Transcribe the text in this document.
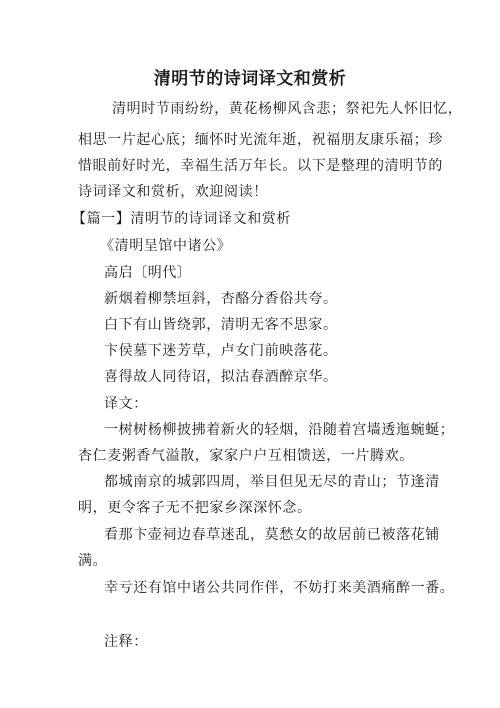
清明节的诗词译文和赏析
清明时节雨纷纷，黄花杨柳风含悲；祭祀先人怀旧忆，
相思一片起心底；缅怀时光流年逝，祝福朋友康乐福；珍
惜眼前好时光，幸福生活万年长。以下是整理的清明节的
诗词译文和赏析，欢迎阅读！
【篇一】清明节的诗词译文和赏析
《清明呈馆中诸公》
高启〔明代〕
新烟着柳禁垣斜，杏酪分香俗共夸。
白下有山皆绕郭，清明无客不思家。
卞侯墓下迷芳草，卢女门前映落花。
喜得故人同待诏，拟沽春酒醉京华。
译文：
一树树杨柳披拂着新火的轻烟，沿随着宫墙透迤蜿蜒；
杏仁麦粥香气溢散，家家户户互相馈送，一片腾欢。
都城南京的城郭四周，举目但见无尽的青山；节逢清
明，更令客子无不把家乡深深怀念。
看那卞壶祠边春草迷乱，莫愁女的故居前已被落花铺
满。
幸亏还有馆中诸公共同作伴，不妨打来美酒痛醉一番。
注释：
